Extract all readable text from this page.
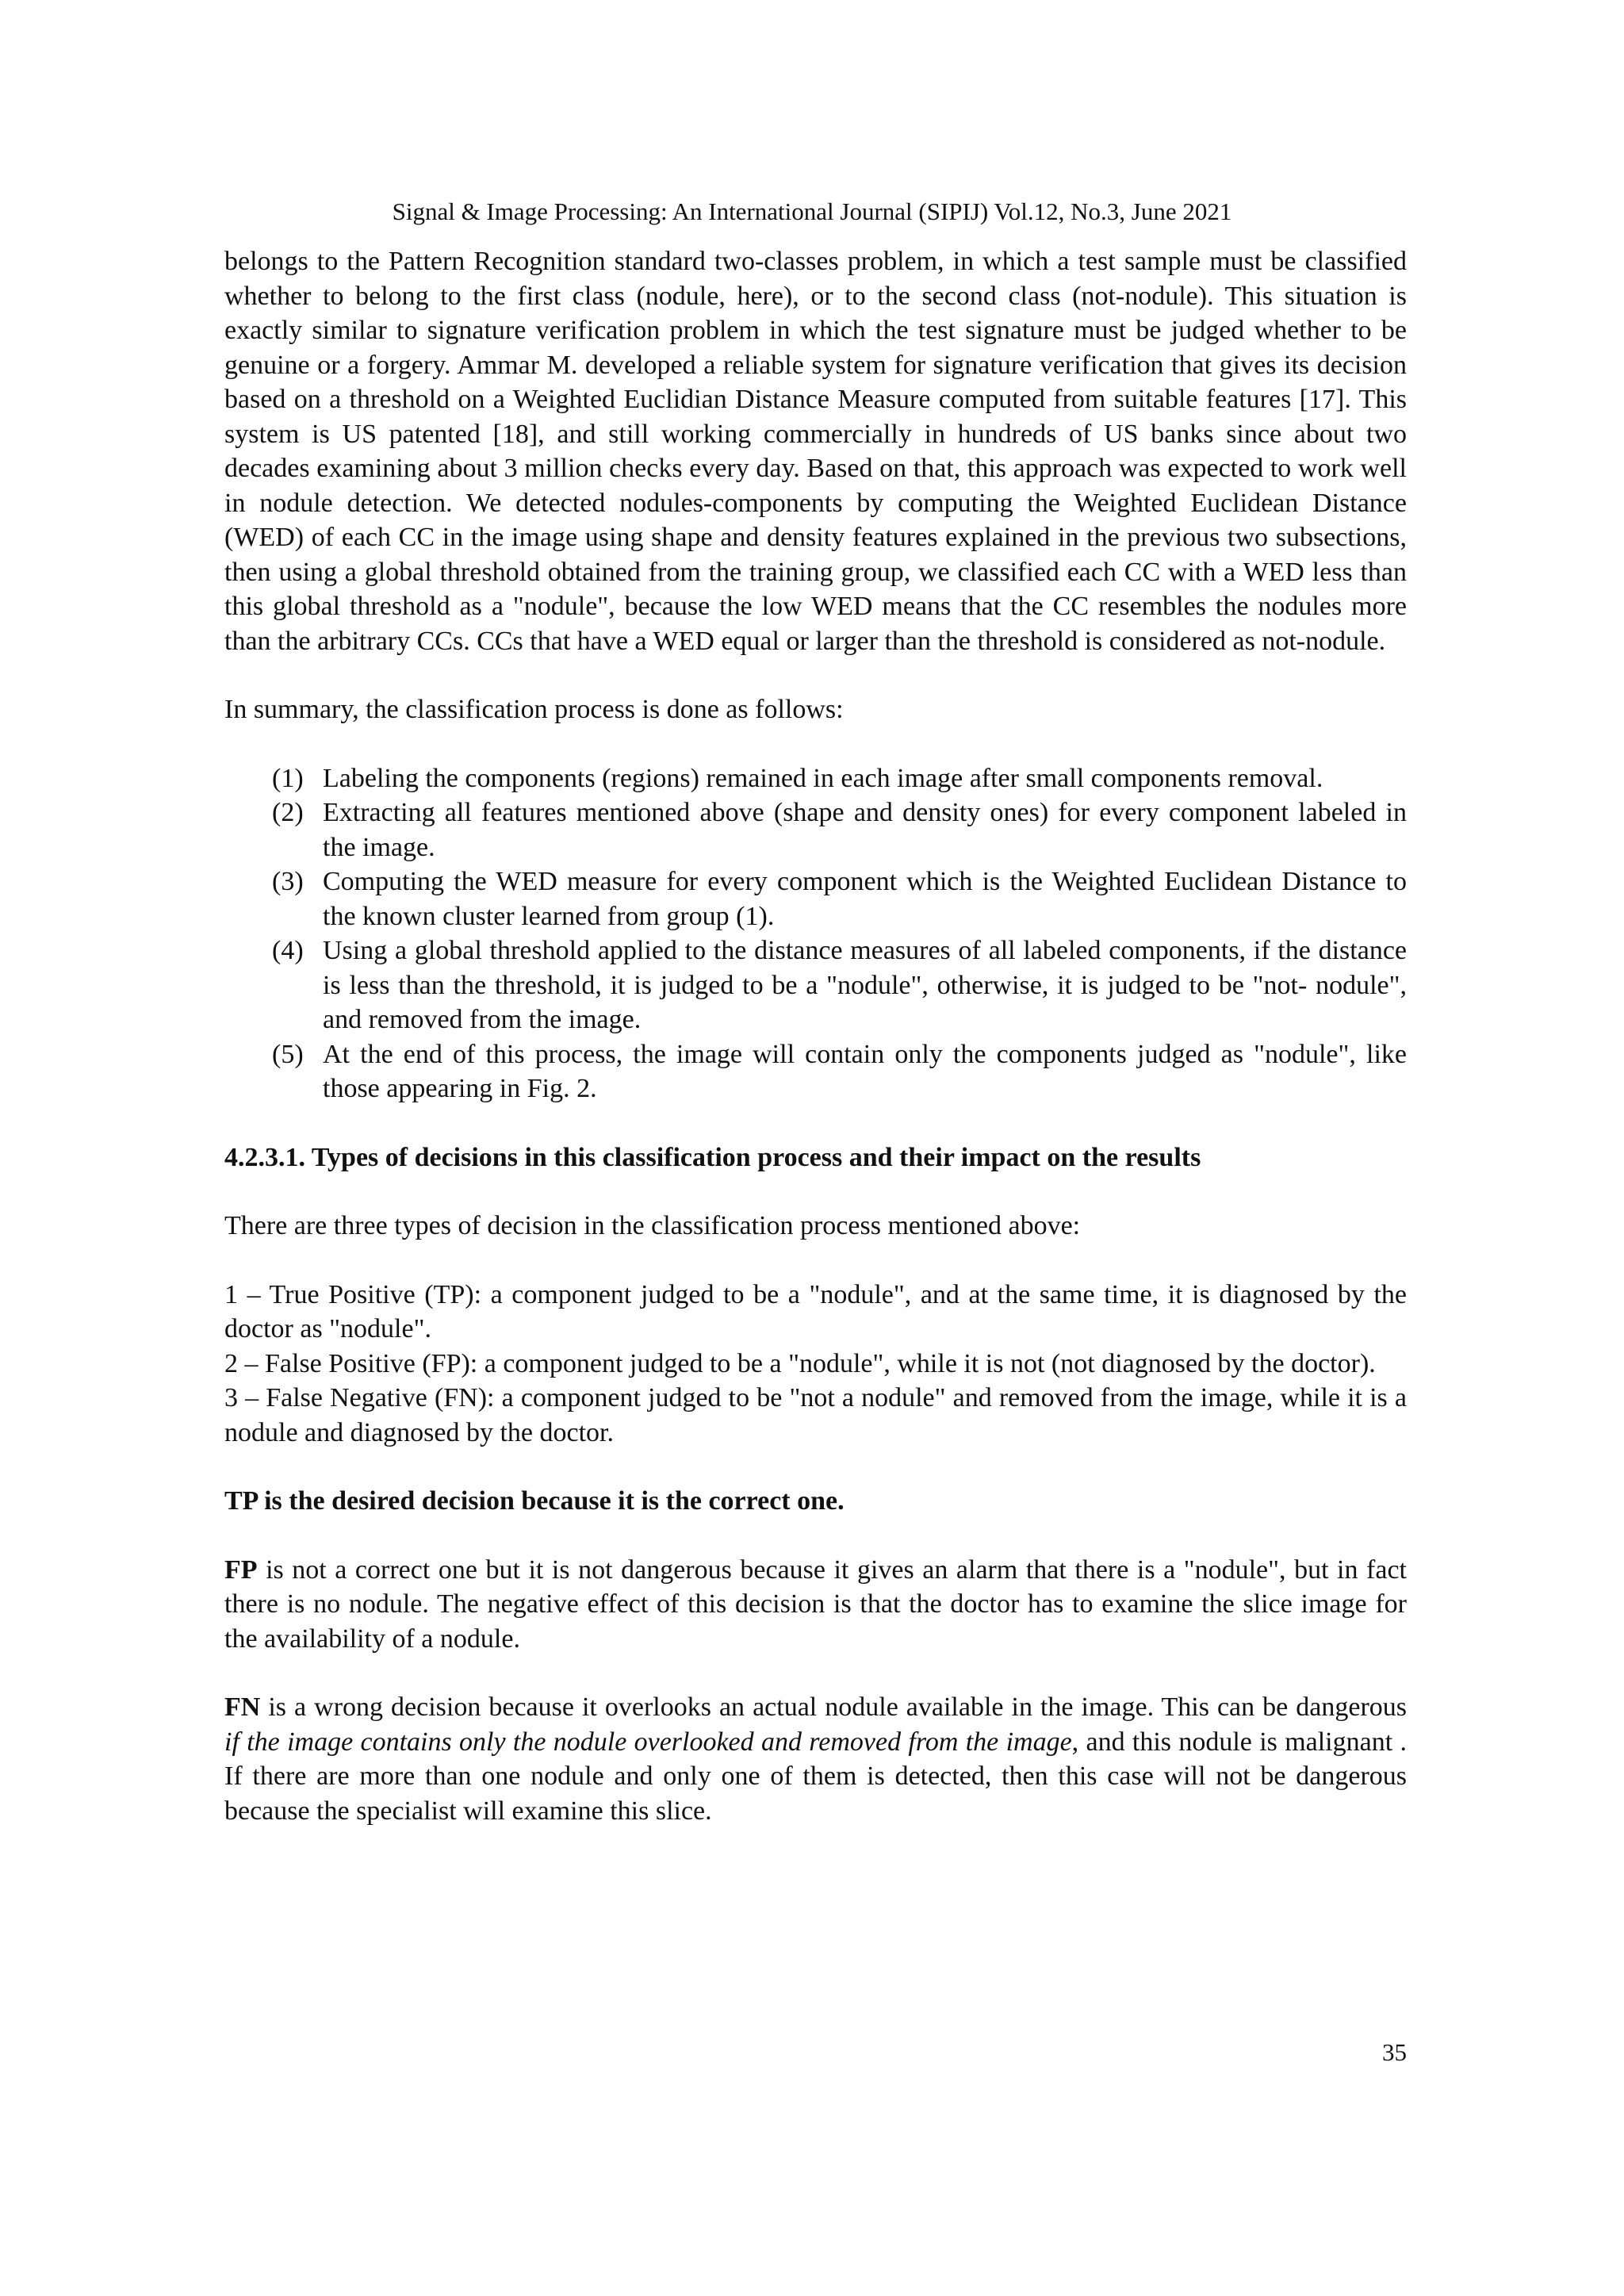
Signal & Image Processing: An International Journal (SIPIJ) Vol.12, No.3, June 2021

belongs to the Pattern Recognition standard two-classes problem, in which a test sample must be classified whether to belong to the first class (nodule, here), or to the second class (not-nodule). This situation is exactly similar to signature verification problem in which the test signature must be judged whether to be genuine or a forgery. Ammar M. developed a reliable system for signature verification that gives its decision based on a threshold on a Weighted Euclidian Distance Measure computed from suitable features [17]. This system is US patented [18], and still working commercially in hundreds of US banks since about two decades examining about 3 million checks every day. Based on that, this approach was expected to work well in nodule detection. We detected nodules-components by computing the Weighted Euclidean Distance (WED) of each CC in the image using shape and density features explained in the previous two subsections, then using a global threshold obtained from the training group, we classified each CC with a WED less than this global threshold as a "nodule", because the low WED means that the CC resembles the nodules more than the arbitrary CCs. CCs that have a WED equal or larger than the threshold is considered as not-nodule.

In summary, the classification process is done as follows:

(1) Labeling the components (regions) remained in each image after small components removal.
(2) Extracting all features mentioned above (shape and density ones) for every component labeled in the image.
(3) Computing the WED measure for every component which is the Weighted Euclidean Distance to the known cluster learned from group (1).
(4) Using a global threshold applied to the distance measures of all labeled components, if the distance is less than the threshold, it is judged to be a "nodule", otherwise, it is judged to be "not- nodule", and removed from the image.
(5) At the end of this process, the image will contain only the components judged as "nodule", like those appearing in Fig. 2.

4.2.3.1. Types of decisions in this classification process and their impact on the results

There are three types of decision in the classification process mentioned above:

1 – True Positive (TP): a component judged to be a "nodule", and at the same time, it is diagnosed by the doctor as "nodule".

2 – False Positive (FP): a component judged to be a "nodule", while it is not (not diagnosed by the doctor).

3 – False Negative (FN): a component judged to be "not a nodule" and removed from the image, while it is a nodule and diagnosed by the doctor.

TP is the desired decision because it is the correct one.

FP is not a correct one but it is not dangerous because it gives an alarm that there is a "nodule", but in fact there is no nodule. The negative effect of this decision is that the doctor has to examine the slice image for the availability of a nodule.

FN is a wrong decision because it overlooks an actual nodule available in the image. This can be dangerous if the image contains only the nodule overlooked and removed from the image, and this nodule is malignant . If there are more than one nodule and only one of them is detected, then this case will not be dangerous because the specialist will examine this slice.

35
